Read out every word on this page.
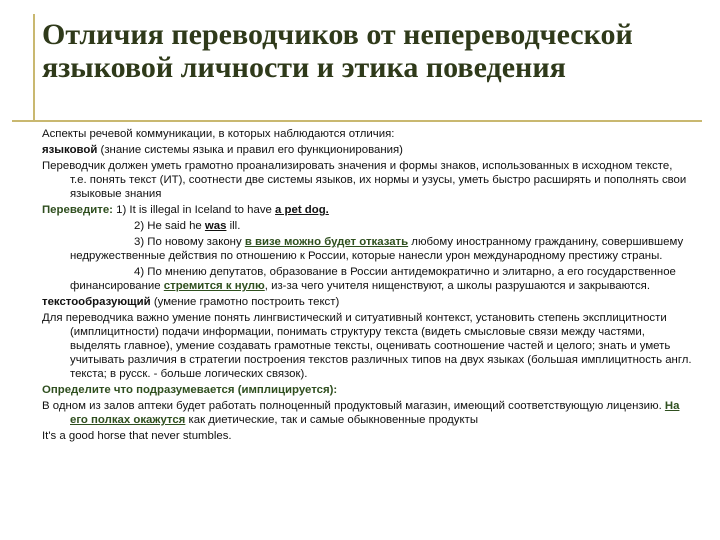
Отличия переводчиков от непереводческой языковой личности и этика поведения

Аспекты речевой коммуникации, в которых наблюдаются отличия:

языковой (знание системы языка и правил его функционирования)

Переводчик должен уметь грамотно проанализировать значения и формы знаков, использованных в исходном тексте, т.е. понять текст (ИТ), соотнести две системы языков, их нормы и узусы, уметь быстро расширять и пополнять свои языковые знания

Переведите: 1) It is illegal in Iceland to have a pet dog.

2) He said he was ill.

3) По новому закону в визе можно будет отказать любому иностранному гражданину, совершившему недружественные действия по отношению к России, которые нанесли урон международному престижу страны.

4) По мнению депутатов, образование в России антидемократично и элитарно, а его государственное финансирование стремится к нулю, из-за чего учителя нищенствуют, а школы разрушаются и закрываются.

текстообразующий (умение грамотно построить текст)

Для переводчика важно умение понять лингвистический и ситуативный контекст, установить степень эксплицитности (имплицитности) подачи информации, понимать структуру текста (видеть смысловые связи между частями, выделять главное), умение создавать грамотные тексты, оценивать соотношение частей и целого; знать и уметь учитывать различия в стратегии построения текстов различных типов на двух языках (большая имплицитность англ. текста; в русск. - больше логических связок).

Определите что подразумевается (имплицируется):

В одном из залов аптеки будет работать полноценный продуктовый магазин, имеющий соответствующую лицензию. На его полках окажутся как диетические, так и самые обыкновенные продукты

It's a good horse that never stumbles.
